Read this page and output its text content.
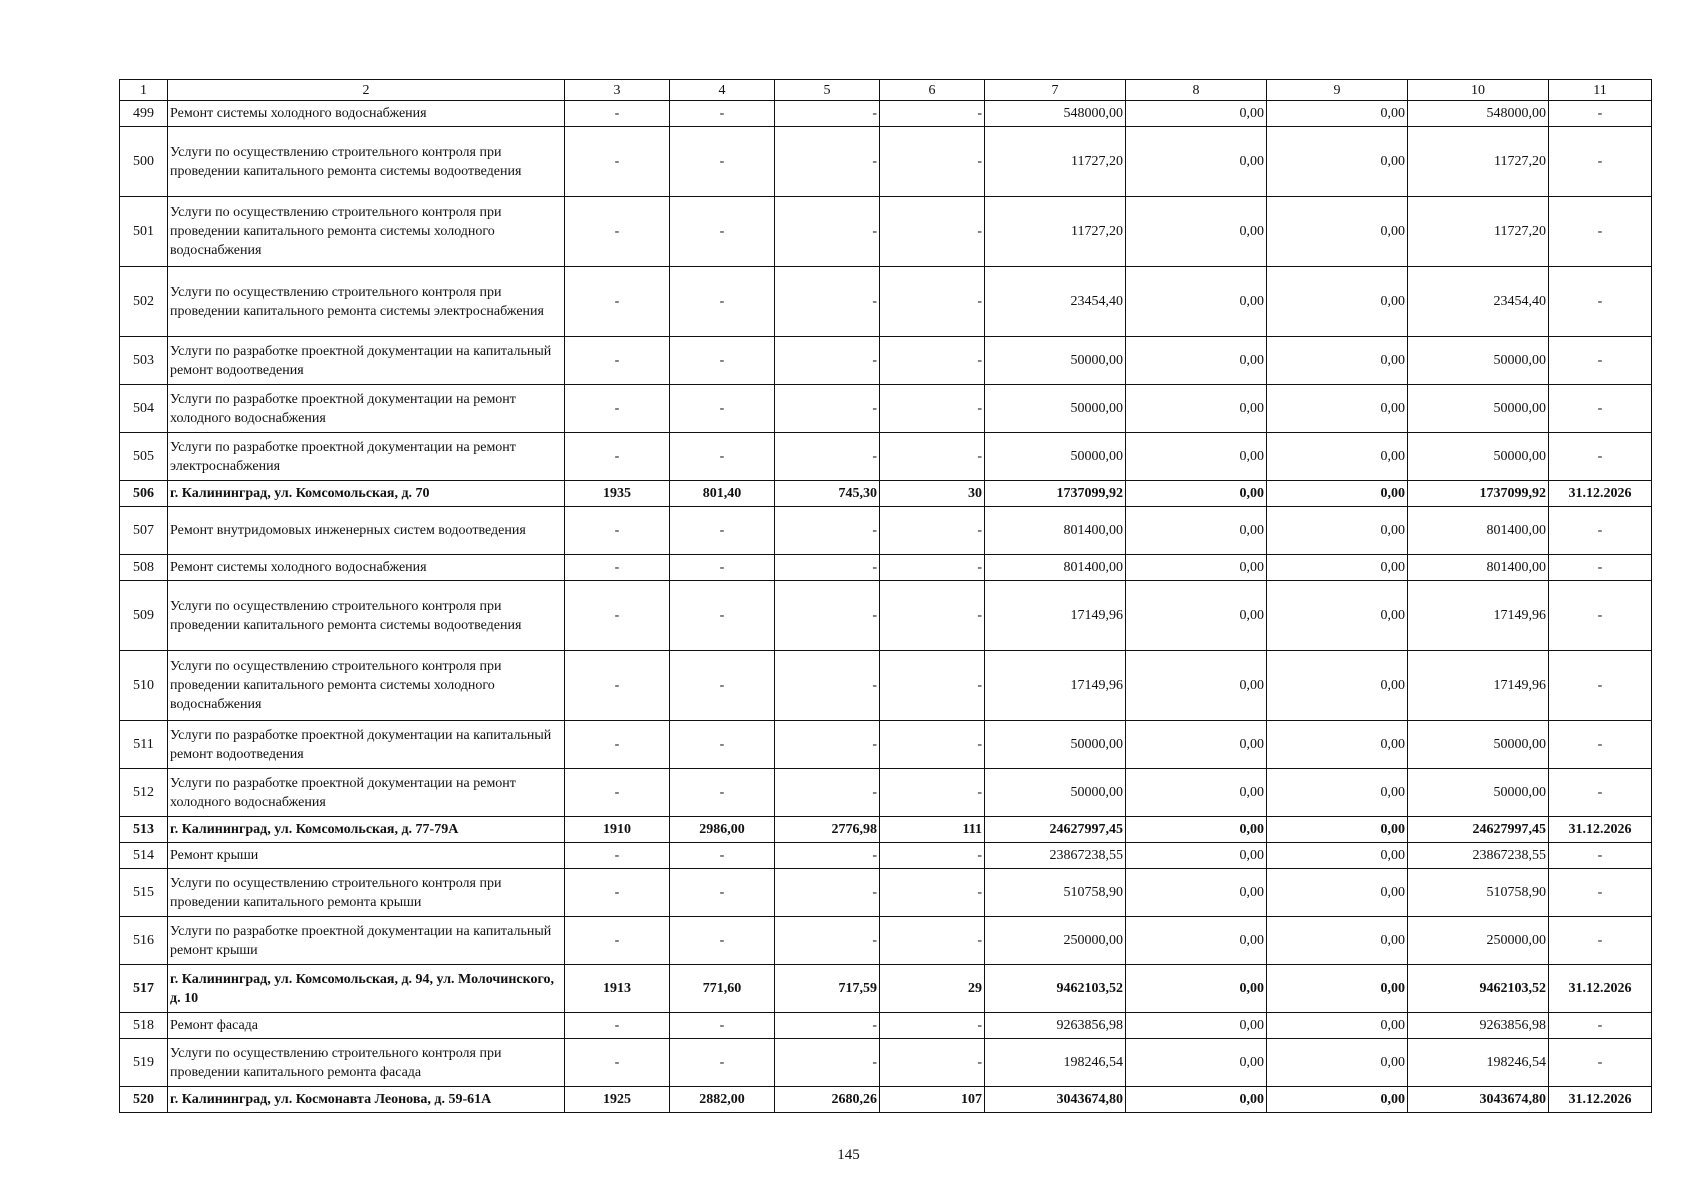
1	2	3	4	5	6	7	8	9	10	11
499	Ремонт системы холодного водоснабжения	-	-	-	-	548000,00	0,00	0,00	548000,00	-
500	Услуги по осуществлению строительного контроля при проведении капитального ремонта системы водоотведения	-	-	-	-	11727,20	0,00	0,00	11727,20	-
501	Услуги по осуществлению строительного контроля при проведении капитального ремонта системы холодного водоснабжения	-	-	-	-	11727,20	0,00	0,00	11727,20	-
502	Услуги по осуществлению строительного контроля при проведении капитального ремонта системы электроснабжения	-	-	-	-	23454,40	0,00	0,00	23454,40	-
503	Услуги по разработке проектной документации на капитальный ремонт водоотведения	-	-	-	-	50000,00	0,00	0,00	50000,00	-
504	Услуги по разработке проектной документации на ремонт холодного водоснабжения	-	-	-	-	50000,00	0,00	0,00	50000,00	-
505	Услуги по разработке проектной документации на ремонт электроснабжения	-	-	-	-	50000,00	0,00	0,00	50000,00	-
506	г. Калининград, ул. Комсомольская, д. 70	1935	801,40	745,30	30	1737099,92	0,00	0,00	1737099,92	31.12.2026
507	Ремонт внутридомовых инженерных систем водоотведения	-	-	-	-	801400,00	0,00	0,00	801400,00	-
508	Ремонт системы холодного водоснабжения	-	-	-	-	801400,00	0,00	0,00	801400,00	-
509	Услуги по осуществлению строительного контроля при проведении капитального ремонта системы водоотведения	-	-	-	-	17149,96	0,00	0,00	17149,96	-
510	Услуги по осуществлению строительного контроля при проведении капитального ремонта системы холодного водоснабжения	-	-	-	-	17149,96	0,00	0,00	17149,96	-
511	Услуги по разработке проектной документации на капитальный ремонт водоотведения	-	-	-	-	50000,00	0,00	0,00	50000,00	-
512	Услуги по разработке проектной документации на ремонт холодного водоснабжения	-	-	-	-	50000,00	0,00	0,00	50000,00	-
513	г. Калининград, ул. Комсомольская, д. 77-79А	1910	2986,00	2776,98	111	24627997,45	0,00	0,00	24627997,45	31.12.2026
514	Ремонт крыши	-	-	-	-	23867238,55	0,00	0,00	23867238,55	-
515	Услуги по осуществлению строительного контроля при проведении капитального ремонта крыши	-	-	-	-	510758,90	0,00	0,00	510758,90	-
516	Услуги по разработке проектной документации на капитальный ремонт крыши	-	-	-	-	250000,00	0,00	0,00	250000,00	-
517	г. Калининград, ул. Комсомольская, д. 94, ул. Молочинского, д. 10	1913	771,60	717,59	29	9462103,52	0,00	0,00	9462103,52	31.12.2026
518	Ремонт фасада	-	-	-	-	9263856,98	0,00	0,00	9263856,98	-
519	Услуги по осуществлению строительного контроля при проведении капитального ремонта фасада	-	-	-	-	198246,54	0,00	0,00	198246,54	-
520	г. Калининград, ул. Космонавта Леонова, д. 59-61А	1925	2882,00	2680,26	107	3043674,80	0,00	0,00	3043674,80	31.12.2026
145
